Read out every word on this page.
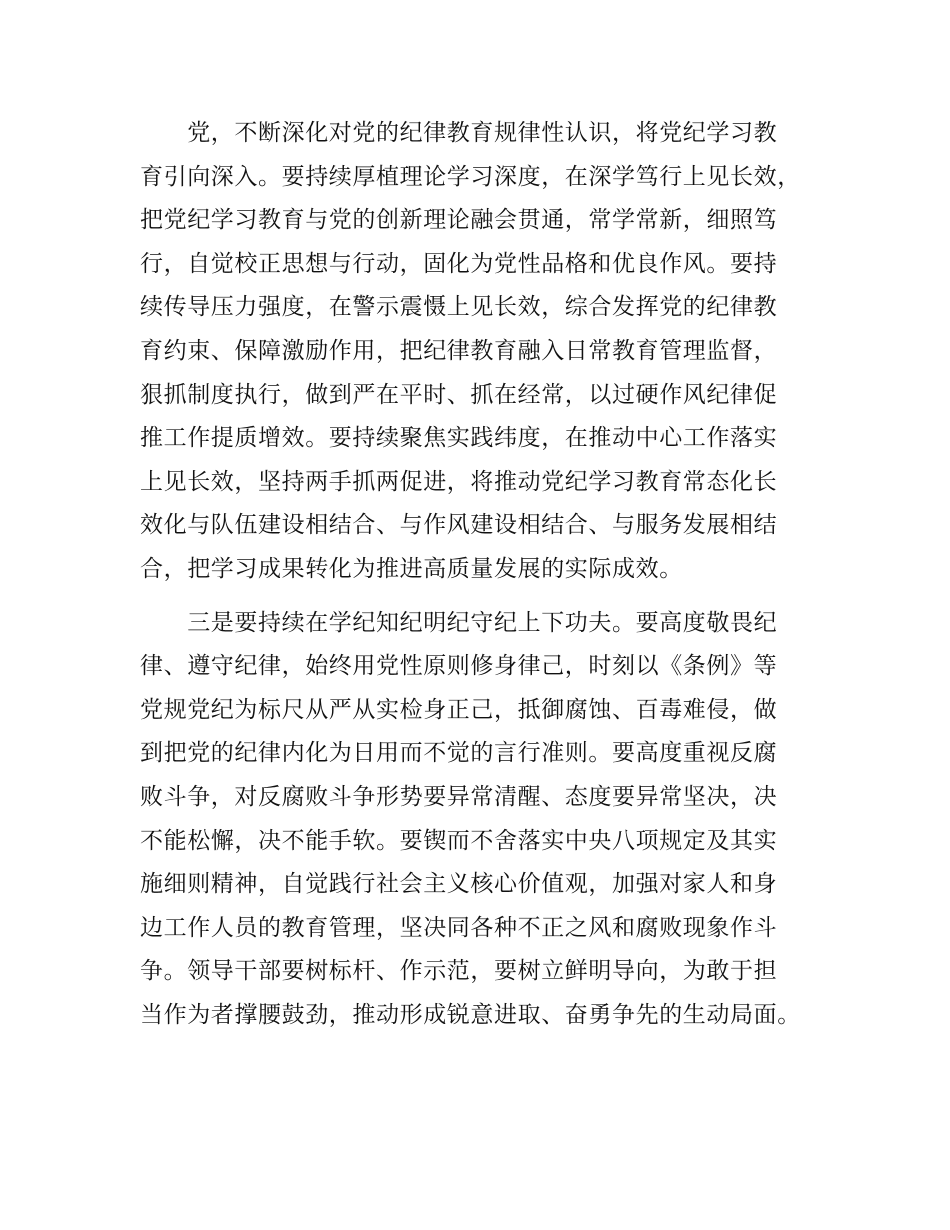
　　党，不断深化对党的纪律教育规律性认识，将党纪学习教
育引向深入。要持续厚植理论学习深度，在深学笃行上见长效，
把党纪学习教育与党的创新理论融会贯通，常学常新，细照笃
行，自觉校正思想与行动，固化为党性品格和优良作风。要持
续传导压力强度，在警示震慑上见长效，综合发挥党的纪律教
育约束、保障激励作用，把纪律教育融入日常教育管理监督，
狠抓制度执行，做到严在平时、抓在经常，以过硬作风纪律促
推工作提质增效。要持续聚焦实践纬度，在推动中心工作落实
上见长效，坚持两手抓两促进，将推动党纪学习教育常态化长
效化与队伍建设相结合、与作风建设相结合、与服务发展相结
合，把学习成果转化为推进高质量发展的实际成效。
　　三是要持续在学纪知纪明纪守纪上下功夫。要高度敬畏纪
律、遵守纪律，始终用党性原则修身律己，时刻以《条例》等
党规党纪为标尺从严从实检身正己，抵御腐蚀、百毒难侵，做
到把党的纪律内化为日用而不觉的言行准则。要高度重视反腐
败斗争，对反腐败斗争形势要异常清醒、态度要异常坚决，决
不能松懈，决不能手软。要锲而不舍落实中央八项规定及其实
施细则精神，自觉践行社会主义核心价值观，加强对家人和身
边工作人员的教育管理，坚决同各种不正之风和腐败现象作斗
争。领导干部要树标杆、作示范，要树立鲜明导向，为敢于担
当作为者撑腰鼓劲，推动形成锐意进取、奋勇争先的生动局面。
